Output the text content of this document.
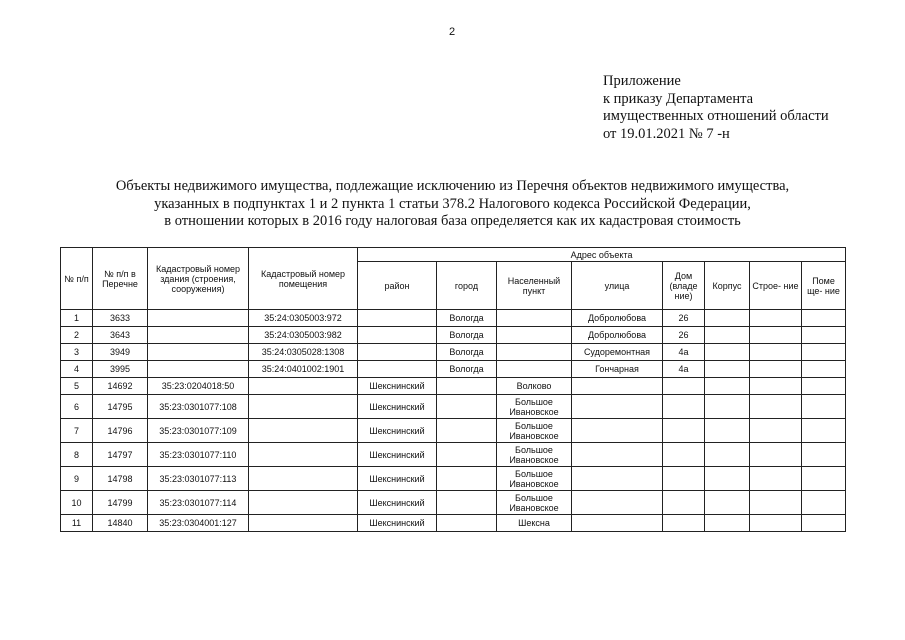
2
Приложение
к приказу Департамента
имущественных отношений области
от 19.01.2021 № 7 -н
Объекты недвижимого имущества, подлежащие исключению из Перечня объектов недвижимого имущества,
указанных в подпунктах 1 и 2 пункта 1 статьи 378.2 Налогового кодекса Российской Федерации,
в отношении которых в 2016 году налоговая база определяется как их кадастровая стоимость
№ п/п	№ п/п в Перечне	Кадастровый номер здания (строения, сооружения)	Кадастровый номер помещения	Адрес объекта							
				район	город	Населенный пункт	улица	Дом (владе ние)	Корпус	Строе- ние	Поме ще- ние
1	3633		35:24:0305003:972		Вологда		Добролюбова	26			
2	3643		35:24:0305003:982		Вологда		Добролюбова	26			
3	3949		35:24:0305028:1308		Вологда		Судоремонтная	4а			
4	3995		35:24:0401002:1901		Вологда		Гончарная	4а			
5	14692	35:23:0204018:50		Шекснинский		Волково					
6	14795	35:23:0301077:108		Шекснинский		Большое Ивановское					
7	14796	35:23:0301077:109		Шекснинский		Большое Ивановское					
8	14797	35:23:0301077:110		Шекснинский		Большое Ивановское					
9	14798	35:23:0301077:113		Шекснинский		Большое Ивановское					
10	14799	35:23:0301077:114		Шекснинский		Большое Ивановское					
11	14840	35:23:0304001:127		Шекснинский		Шексна					
